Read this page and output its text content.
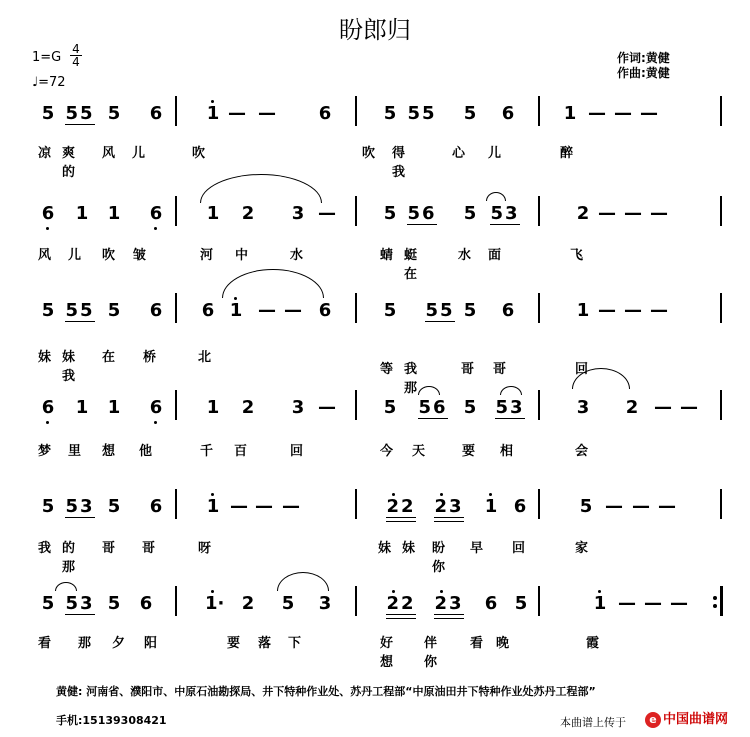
盼郎归
$1=G \frac{4}{4}$
♩=72
作词:黄健
作曲:黄健
5 55 5 6 1 — — 6	5 55 5 6	1 — — —
凉 爽 的
风 儿	吹	吹 得 我
心 儿	醉
6 1 1 6 1 2 3 —	5 56 5 53	2 — — —
风 儿 吹 皱	河 中	水	蜻 蜓 在
水 面	飞
5 55 5 6 6 1 — — 6	5 55 5 6	1 — — —
妹 妹 我
在 桥	北
等 我 那
哥 哥	回
6 1 1 6 1 2 3 —	5 56 5 53	3 2 — —
梦 里 想 他	千 百	回	今 天	要 相	会
5 53 5 6 1 — — —	22 23 1 6	5 — — —
我 的 那
哥 哥	呀	妹 妹 盼 你
早 回	家
5 53 5 6	1· 2 5 3	22 23 6 5	1 — — —
看 那 夕 阳	要 落 下	好 想
伴 你
看 晚	霞
黄健: 河南省、濮阳市、中原石油勘探局、井下特种作业处、苏丹工程部“中原油田井下特种作业处苏丹工程部”
手机:15139308421	本曲谱上传于	e 中国曲谱网
